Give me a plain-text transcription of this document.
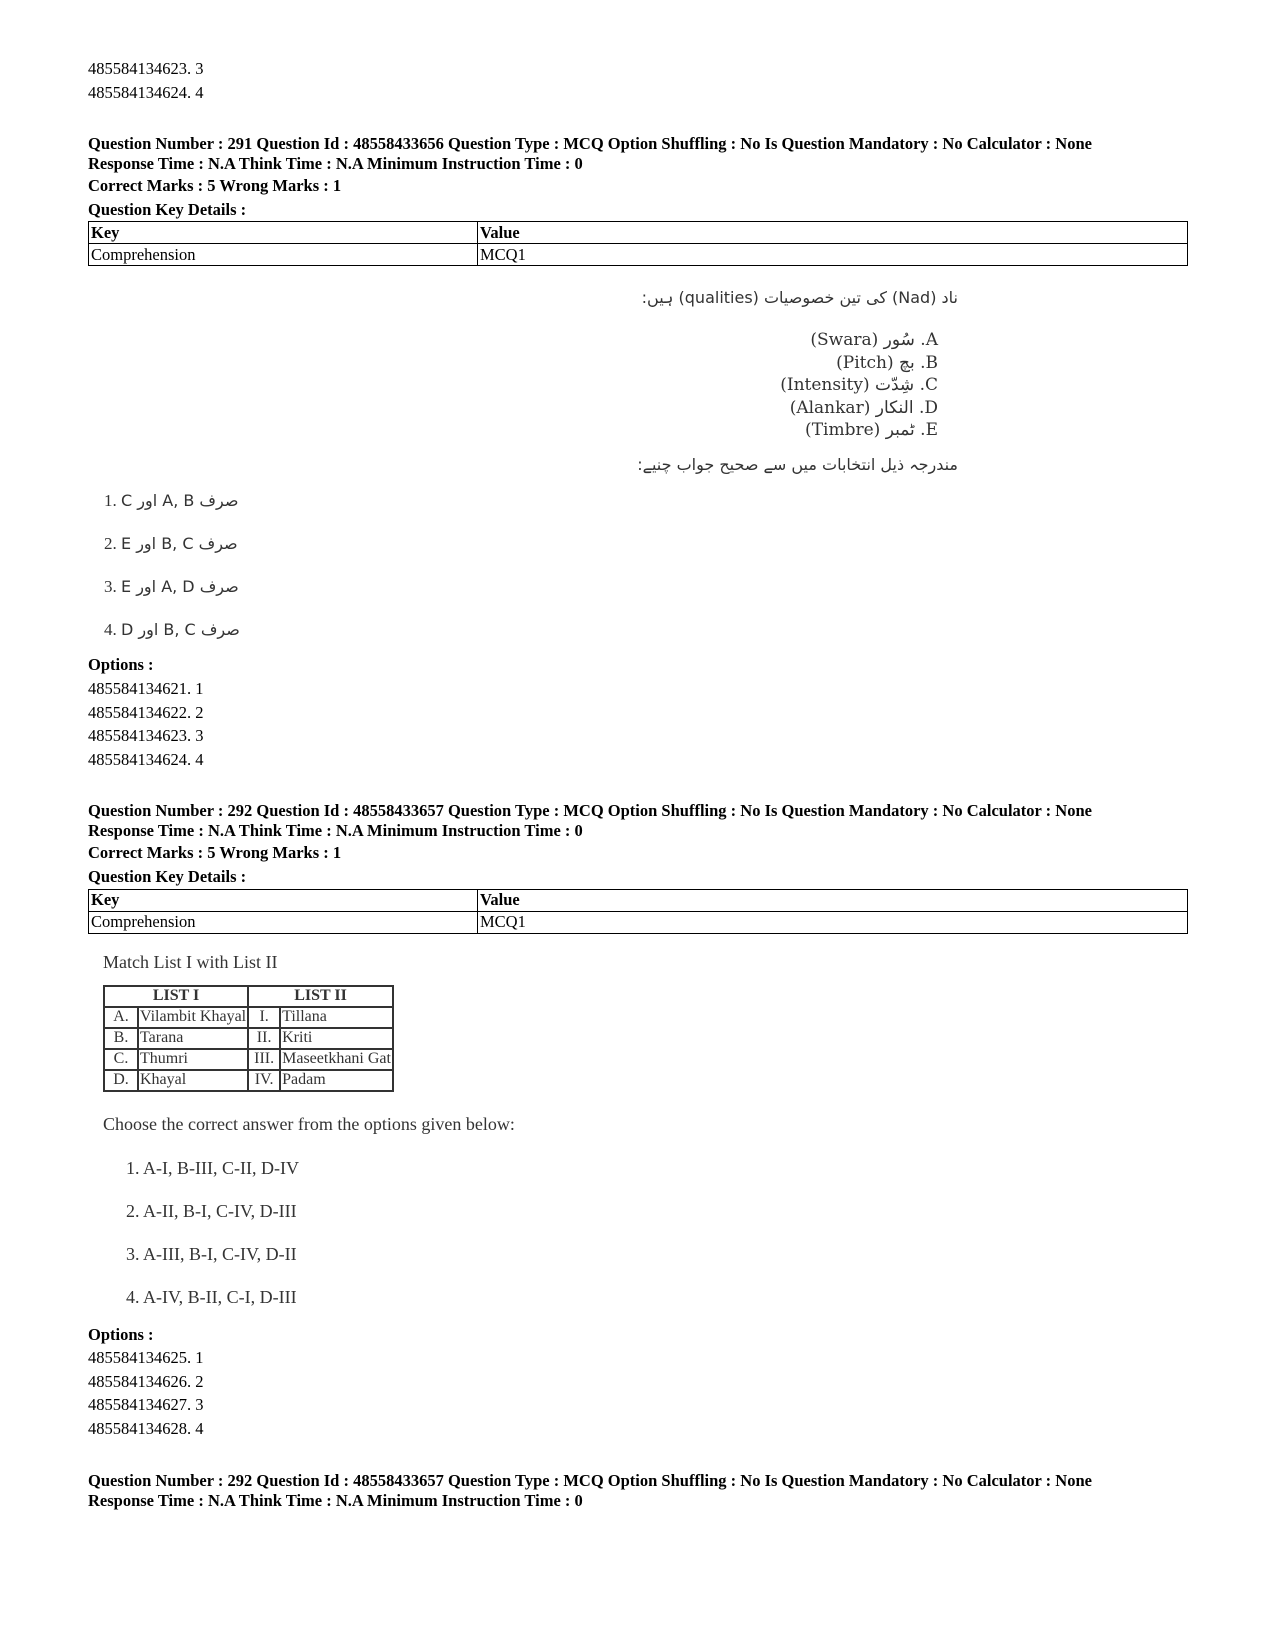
485584134623. 3
485584134624. 4
Question Number : 291 Question Id : 48558433656 Question Type : MCQ Option Shuffling : No Is Question Mandatory : No Calculator : None
Response Time : N.A Think Time : N.A Minimum Instruction Time : 0
Correct Marks : 5 Wrong Marks : 1
Question Key Details :
Key	Value
Comprehension	MCQ1
ناد (Nad) کی تین خصوصیات (qualities) ہیں:
A. سُور (Swara)
B. بچ (Pitch)
C. شِدّت (Intensity)
D. النکار (Alankar)
E. ٹمبر (Timbre)
مندرجہ ذیل انتخابات میں سے صحیح جواب چنیے:
1. صرف A, B اور C
2. صرف B, C اور E
3. صرف A, D اور E
4. صرف B, C اور D
Options :
485584134621. 1
485584134622. 2
485584134623. 3
485584134624. 4
Question Number : 292 Question Id : 48558433657 Question Type : MCQ Option Shuffling : No Is Question Mandatory : No Calculator : None
Response Time : N.A Think Time : N.A Minimum Instruction Time : 0
Correct Marks : 5 Wrong Marks : 1
Question Key Details :
Key	Value
Comprehension	MCQ1
Match List I with List II
LIST I		LIST II	
A.	Vilambit Khayal	I.	Tillana
B.	Tarana	II.	Kriti
C.	Thumri	III.	Maseetkhani Gat
D.	Khayal	IV.	Padam
Choose the correct answer from the options given below:
1. A-I, B-III, C-II, D-IV
2. A-II, B-I, C-IV, D-III
3. A-III, B-I, C-IV, D-II
4. A-IV, B-II, C-I, D-III
Options :
485584134625. 1
485584134626. 2
485584134627. 3
485584134628. 4
Question Number : 292 Question Id : 48558433657 Question Type : MCQ Option Shuffling : No Is Question Mandatory : No Calculator : None
Response Time : N.A Think Time : N.A Minimum Instruction Time : 0
